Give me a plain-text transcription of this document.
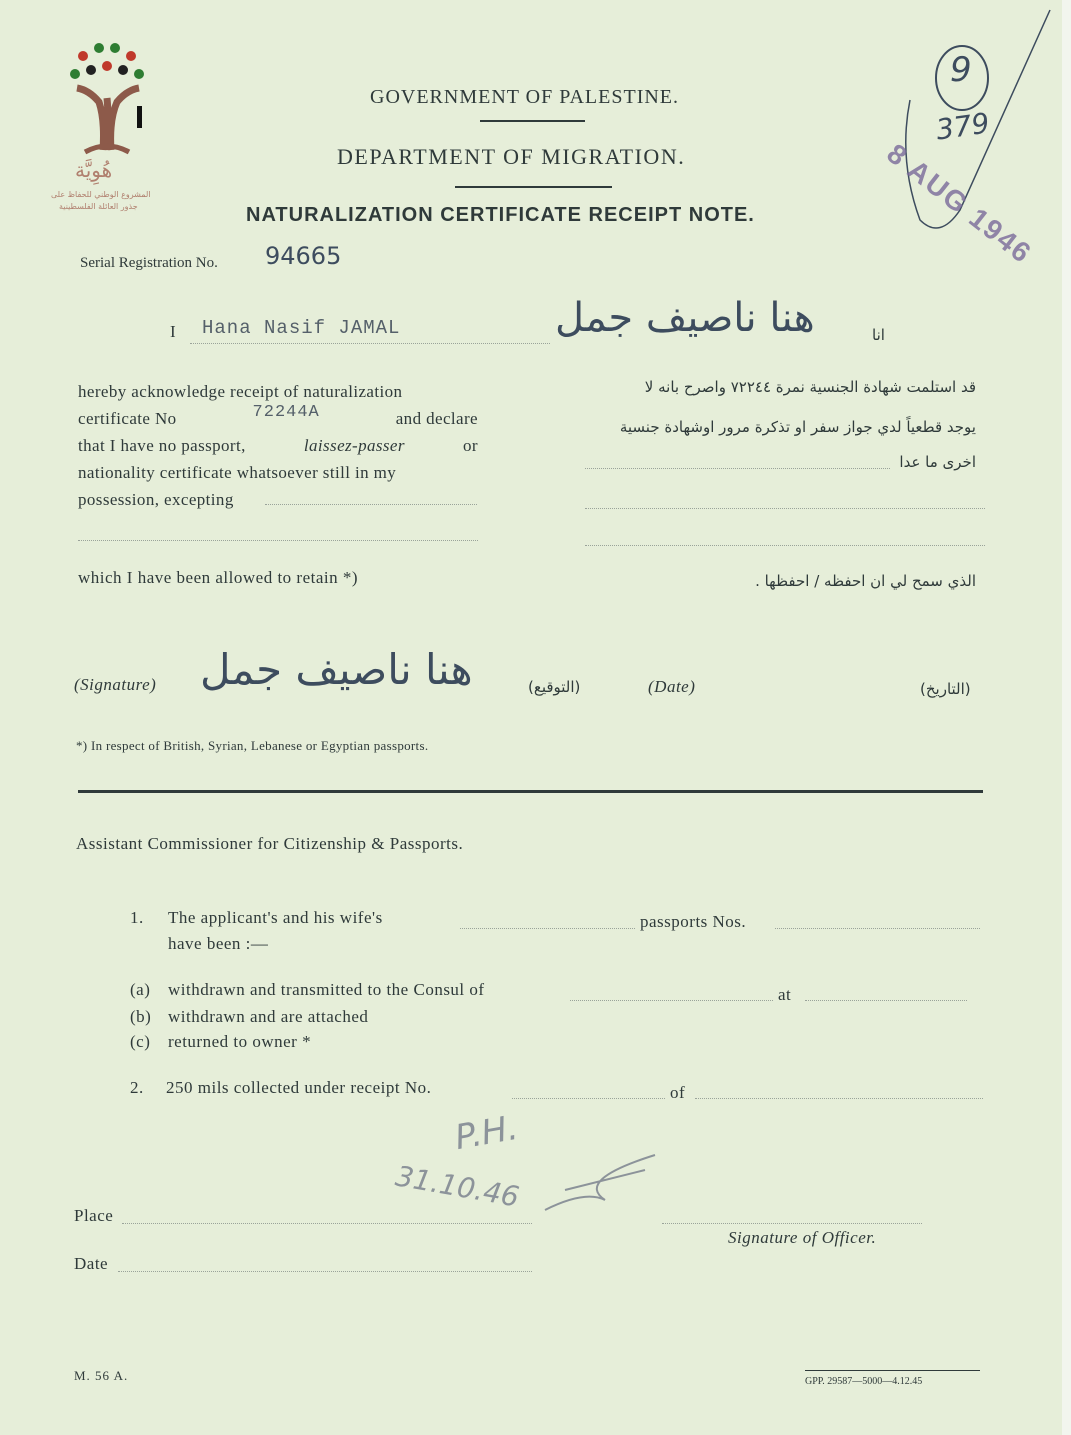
هُوِيَّة
المشروع الوطني للحفاظ على
جذور العائلة الفلسطينية
GOVERNMENT OF PALESTINE.
DEPARTMENT OF MIGRATION.
NATURALIZATION CERTIFICATE RECEIPT NOTE.
9
379
8 AUG 1946
Serial Registration No. 94665
I Hana Nasif JAMAL	هنا ناصيف جمل	انا
hereby acknowledge receipt of naturalization
certificate No	72244A	and declare
that I have no passport,	laissez-passer	or
nationality certificate whatsoever still in my
possession, excepting
which I have been allowed to retain *)
قد استلمت شهادة الجنسية نمرة ٧٢٢٤٤ واصرح بانه لا
يوجد قطعياً لدي جواز سفر او تذكرة مرور اوشهادة جنسية
اخرى ما عدا
الذي سمح لي ان احفظه / احفظها .
(Signature) هنا ناصيف جمل	(التوقيع)	(Date)	(التاريخ)
*) In respect of British, Syrian, Lebanese or Egyptian passports.
Assistant Commissioner for Citizenship & Passports.
1. The applicant's and his wife's	passports Nos.
have been :—
(a) withdrawn and transmitted to the Consul of	at
(b) withdrawn and are attached
(c) returned to owner *
2. 250 mils collected under receipt No.	of
P.H.
31.10.46
Place
Signature of Officer.
Date
M. 56 A.	GPP. 29587—5000—4.12.45
